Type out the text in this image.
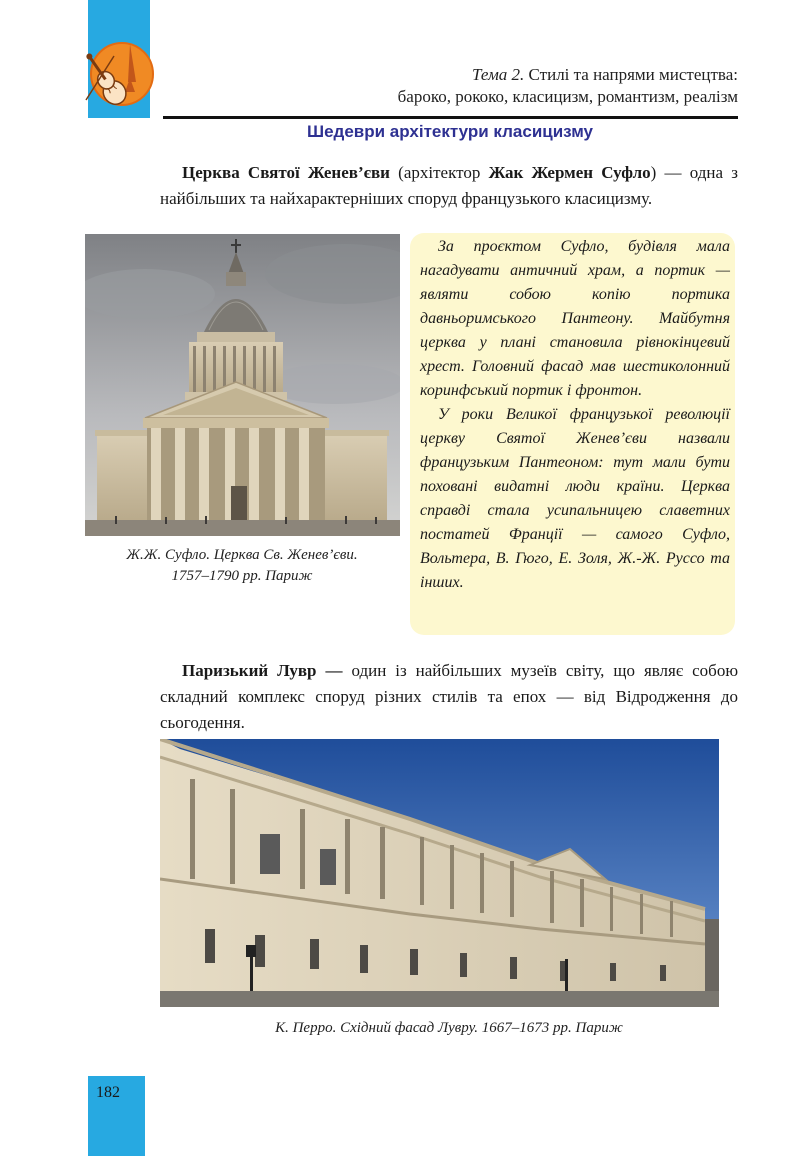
Тема 2. Стилі та напрями мистецтва:
бароко, рококо, класицизм, романтизм, реалізм
Шедеври архітектури класицизму
Церква Святої Женев’єви (архітектор Жак Жермен Суфло) — одна з найбільших та найхарактерніших споруд французького класицизму.
Ж.Ж. Суфло. Церква Св. Женев’єви.
1757–1790 рр. Париж

За проєктом Суфло, будівля мала нагадувати античний храм, а портик — являти собою копію портика давньоримського Пантеону. Майбутня церква у плані становила рівнокінцевий хрест. Головний фасад мав шестиколонний коринфський портик і фронтон.

У роки Великої французької революції церкву Святої Женев’єви назвали французьким Пантеоном: тут мали бути поховані видатні люди країни. Церква справді стала усипальницею славетних постатей Франції — самого Суфло, Вольтера, В. Гюго, Е. Золя, Ж.-Ж. Руссо та інших.

Паризький Лувр — один із найбільших музеїв світу, що являє собою складний комплекс споруд різних стилів та епох — від Відродження до сьогодення.
К. Перро. Східний фасад Лувру. 1667–1673 рр. Париж
182
